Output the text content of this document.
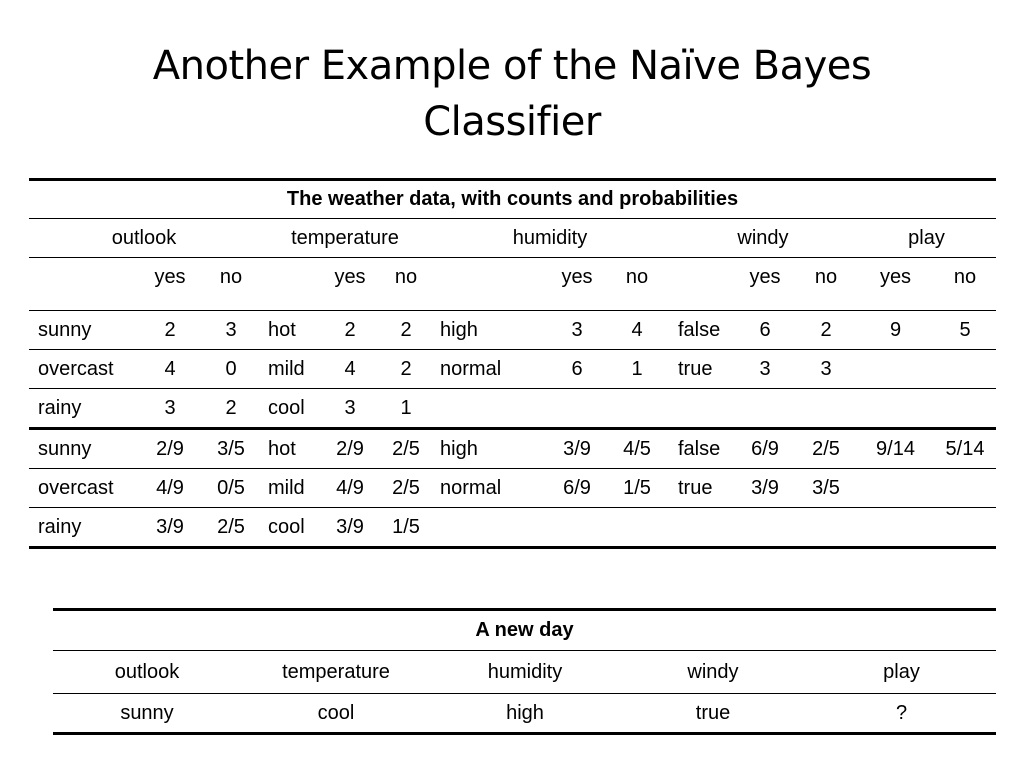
Another Example of the Naïve Bayes
Classifier
The weather data, with counts and probabilities													
outlook			temperature			humidity			windy			play	
	yes	no		yes	no		yes	no		yes	no	yes	no
sunny	2	3	hot	2	2	high	3	4	false	6	2	9	5
overcast	4	0	mild	4	2	normal	6	1	true	3	3		
rainy	3	2	cool	3	1								
sunny	2/9	3/5	hot	2/9	2/5	high	3/9	4/5	false	6/9	2/5	9/14	5/14
overcast	4/9	0/5	mild	4/9	2/5	normal	6/9	1/5	true	3/9	3/5		
rainy	3/9	2/5	cool	3/9	1/5								
A new day				
outlook	temperature	humidity	windy	play
sunny	cool	high	true	?
